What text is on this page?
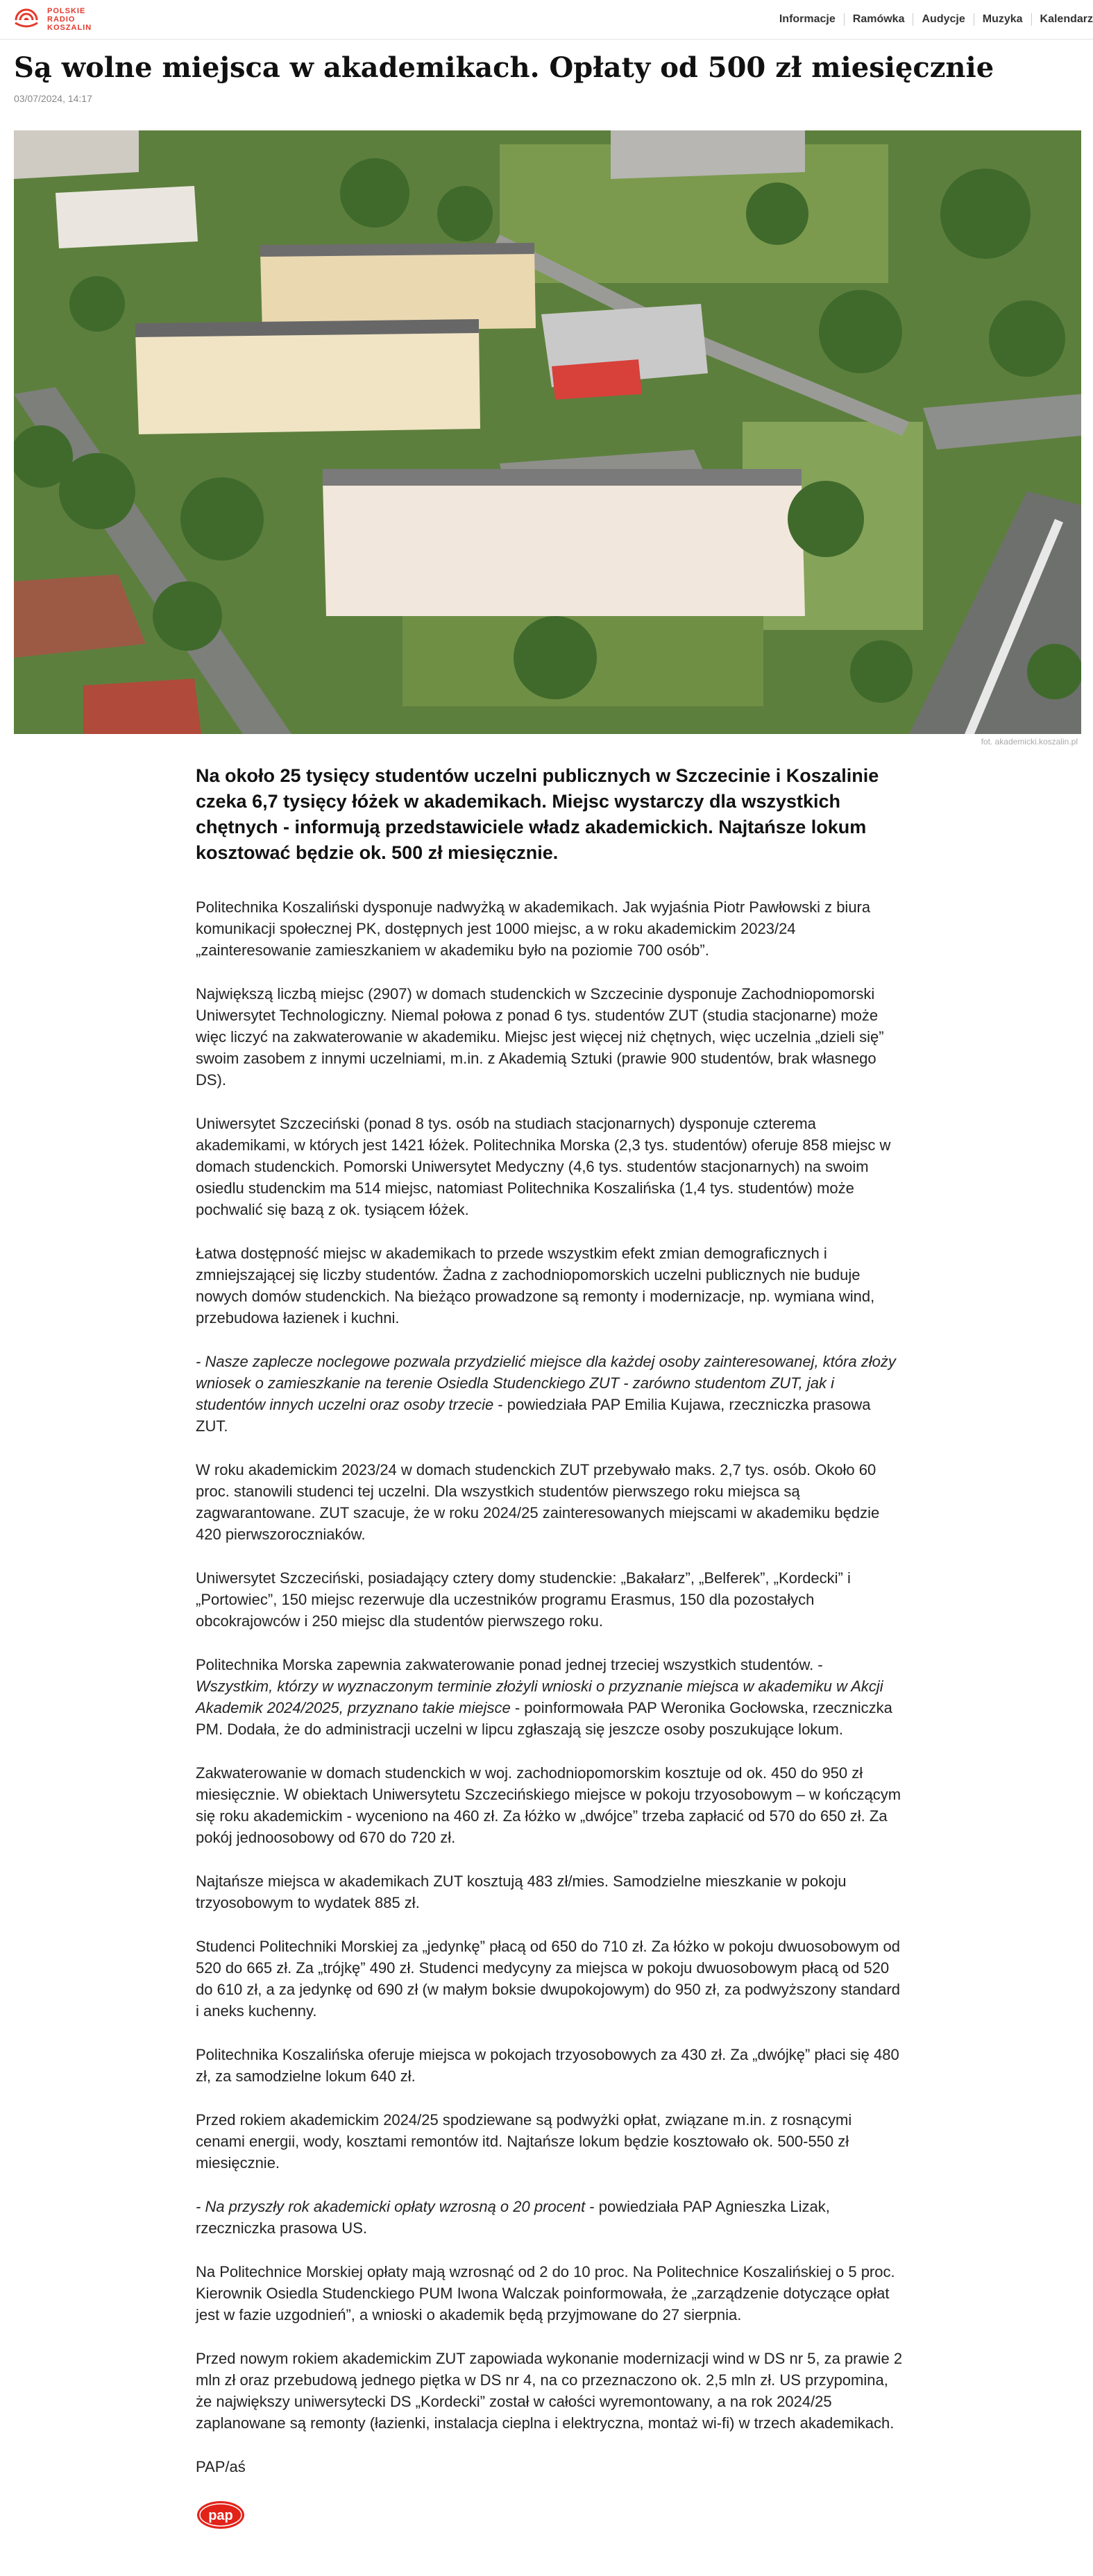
POLSKIE
RADIO
KOSZALIN
Informacje	Ramówka	Audycje	Muzyka	Kalendarz
Są wolne miejsca w akademikach. Opłaty od 500 zł miesięcznie
03/07/2024, 14:17
fot. akademicki.koszalin.pl

Na około 25 tysięcy studentów uczelni publicznych w Szczecinie i Koszalinie czeka 6,7 tysięcy łóżek w akademikach. Miejsc wystarczy dla wszystkich chętnych - informują przedstawiciele władz akademickich. Najtańsze lokum kosztować będzie ok. 500 zł miesięcznie.

Politechnika Koszaliński dysponuje nadwyżką w akademikach. Jak wyjaśnia Piotr Pawłowski z biura komunikacji społecznej PK, dostępnych jest 1000 miejsc, a w roku akademickim 2023/24 „zainteresowanie zamieszkaniem w akademiku było na poziomie 700 osób”.

Największą liczbą miejsc (2907) w domach studenckich w Szczecinie dysponuje Zachodniopomorski Uniwersytet Technologiczny. Niemal połowa z ponad 6 tys. studentów ZUT (studia stacjonarne) może więc liczyć na zakwaterowanie w akademiku. Miejsc jest więcej niż chętnych, więc uczelnia „dzieli się” swoim zasobem z innymi uczelniami, m.in. z Akademią Sztuki (prawie 900 studentów, brak własnego DS).

Uniwersytet Szczeciński (ponad 8 tys. osób na studiach stacjonarnych) dysponuje czterema akademikami, w których jest 1421 łóżek. Politechnika Morska (2,3 tys. studentów) oferuje 858 miejsc w domach studenckich. Pomorski Uniwersytet Medyczny (4,6 tys. studentów stacjonarnych) na swoim osiedlu studenckim ma 514 miejsc, natomiast Politechnika Koszalińska (1,4 tys. studentów) może pochwalić się bazą z ok. tysiącem łóżek.

Łatwa dostępność miejsc w akademikach to przede wszystkim efekt zmian demograficznych i zmniejszającej się liczby studentów. Żadna z zachodniopomorskich uczelni publicznych nie buduje nowych domów studenckich. Na bieżąco prowadzone są remonty i modernizacje, np. wymiana wind, przebudowa łazienek i kuchni.

- Nasze zaplecze noclegowe pozwala przydzielić miejsce dla każdej osoby zainteresowanej, która złoży wniosek o zamieszkanie na terenie Osiedla Studenckiego ZUT - zarówno studentom ZUT, jak i studentów innych uczelni oraz osoby trzecie - powiedziała PAP Emilia Kujawa, rzeczniczka prasowa ZUT.

W roku akademickim 2023/24 w domach studenckich ZUT przebywało maks. 2,7 tys. osób. Około 60 proc. stanowili studenci tej uczelni. Dla wszystkich studentów pierwszego roku miejsca są zagwarantowane. ZUT szacuje, że w roku 2024/25 zainteresowanych miejscami w akademiku będzie 420 pierwszoroczniaków.

Uniwersytet Szczeciński, posiadający cztery domy studenckie: „Bakałarz”, „Belferek”, „Kordecki” i „Portowiec”, 150 miejsc rezerwuje dla uczestników programu Erasmus, 150 dla pozostałych obcokrajowców i 250 miejsc dla studentów pierwszego roku.

Politechnika Morska zapewnia zakwaterowanie ponad jednej trzeciej wszystkich studentów. - Wszystkim, którzy w wyznaczonym terminie złożyli wnioski o przyznanie miejsca w akademiku w Akcji Akademik 2024/2025, przyznano takie miejsce - poinformowała PAP Weronika Gocłowska, rzeczniczka PM. Dodała, że do administracji uczelni w lipcu zgłaszają się jeszcze osoby poszukujące lokum.

Zakwaterowanie w domach studenckich w woj. zachodniopomorskim kosztuje od ok. 450 do 950 zł miesięcznie. W obiektach Uniwersytetu Szczecińskiego miejsce w pokoju trzyosobowym – w kończącym się roku akademickim - wyceniono na 460 zł. Za łóżko w „dwójce” trzeba zapłacić od 570 do 650 zł. Za pokój jednoosobowy od 670 do 720 zł.

Najtańsze miejsca w akademikach ZUT kosztują 483 zł/mies. Samodzielne mieszkanie w pokoju trzyosobowym to wydatek 885 zł.

Studenci Politechniki Morskiej za „jedynkę” płacą od 650 do 710 zł. Za łóżko w pokoju dwuosobowym od 520 do 665 zł. Za „trójkę” 490 zł. Studenci medycyny za miejsca w pokoju dwuosobowym płacą od 520 do 610 zł, a za jedynkę od 690 zł (w małym boksie dwupokojowym) do 950 zł, za podwyższony standard i aneks kuchenny.

Politechnika Koszalińska oferuje miejsca w pokojach trzyosobowych za 430 zł. Za „dwójkę” płaci się 480 zł, za samodzielne lokum 640 zł.

Przed rokiem akademickim 2024/25 spodziewane są podwyżki opłat, związane m.in. z rosnącymi cenami energii, wody, kosztami remontów itd. Najtańsze lokum będzie kosztowało ok. 500-550 zł miesięcznie.

- Na przyszły rok akademicki opłaty wzrosną o 20 procent - powiedziała PAP Agnieszka Lizak, rzeczniczka prasowa US.

Na Politechnice Morskiej opłaty mają wzrosnąć od 2 do 10 proc. Na Politechnice Koszalińskiej o 5 proc. Kierownik Osiedla Studenckiego PUM Iwona Walczak poinformowała, że „zarządzenie dotyczące opłat jest w fazie uzgodnień”, a wnioski o akademik będą przyjmowane do 27 sierpnia.

Przed nowym rokiem akademickim ZUT zapowiada wykonanie modernizacji wind w DS nr 5, za prawie 2 mln zł oraz przebudową jednego piętka w DS nr 4, na co przeznaczono ok. 2,5 mln zł. US przypomina, że największy uniwersytecki DS „Kordecki” został w całości wyremontowany, a na rok 2024/25 zaplanowane są remonty (łazienki, instalacja cieplna i elektryczna, montaż wi-fi) w trzech akademikach.

PAP/aś

pap
